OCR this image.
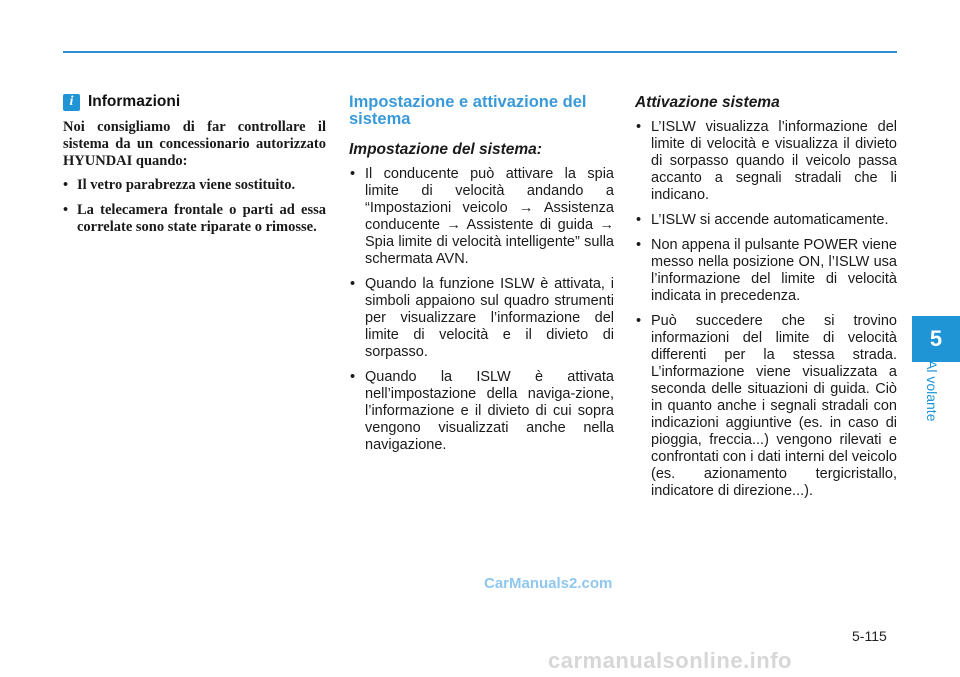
5
Al volante
i Informazioni

Noi consigliamo di far controllare il sistema da un concessionario autorizzato HYUNDAI quando:

• Il vetro parabrezza viene sostituito.
• La telecamera frontale o parti ad essa correlate sono state riparate o rimosse.
Impostazione e attivazione del sistema
Impostazione del sistema:
• Il conducente può attivare la spia limite di velocità andando a “Impostazioni veicolo → Assistenza conducente → Assistente di guida → Spia limite di velocità intelligente” sulla schermata AVN.
• Quando la funzione ISLW è attivata, i simboli appaiono sul quadro strumenti per visualizzare l’informazione del limite di velocità e il divieto di sorpasso.
• Quando la ISLW è attivata nell’impostazione della naviga-zione, l’informazione e il divieto di cui sopra vengono visualizzati anche nella navigazione.
Attivazione sistema
• L’ISLW visualizza l’informazione del limite di velocità e visualizza il divieto di sorpasso quando il veicolo passa accanto a segnali stradali che li indicano.
• L’ISLW si accende automaticamente.
• Non appena il pulsante POWER viene messo nella posizione ON, l’ISLW usa l’informazione del limite di velocità indicata in precedenza.
• Può succedere che si trovino informazioni del limite di velocità differenti per la stessa strada. L’informazione viene visualizzata a seconda delle situazioni di guida. Ciò in quanto anche i segnali stradali con indicazioni aggiuntive (es. in caso di pioggia, freccia...) vengono rilevati e confrontati con i dati interni del veicolo (es. azionamento tergicristallo, indicatore di direzione...).
CarManuals2.com
5-115
carmanualsonline.info
